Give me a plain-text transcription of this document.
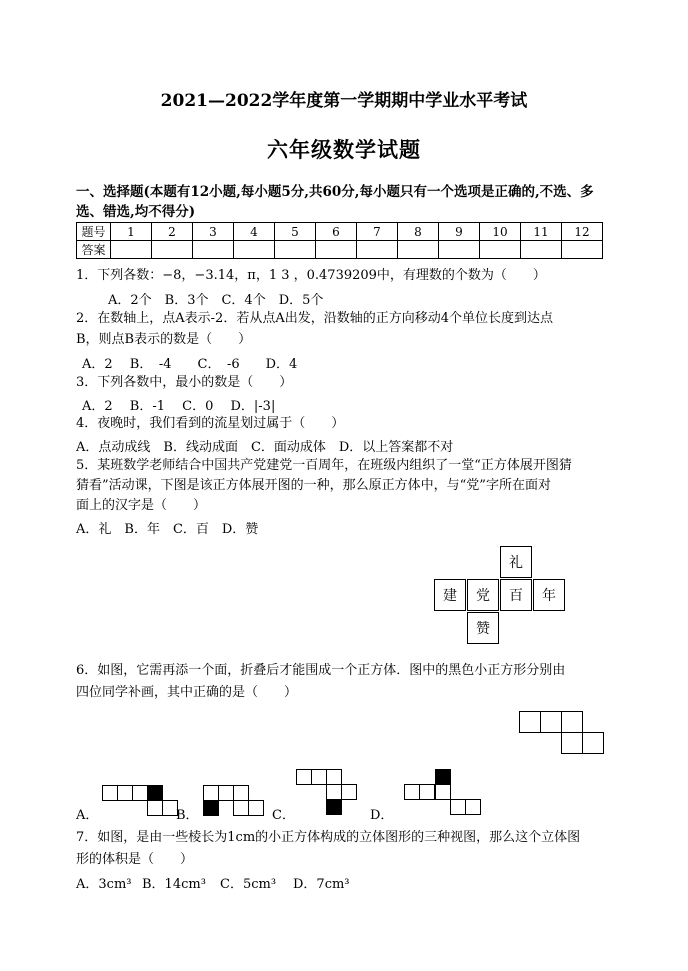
2021—2022学年度第一学期期中学业水平考试
六年级数学试题
一、选择题(本题有12小题,每小题5分,共60分,每小题只有一个选项是正确的,不选、多
选、错选,均不得分)
题号	1	2	3	4	5	6	7	8	9	10	11	12
答案												
1．下列各数：−8，−3.14，π，1 3 ，0.4739209中，有理数的个数为（　　）
A．2个　B．3个　C．4个　D．5个
2．在数轴上，点A表示-2．若从点A出发，沿数轴的正方向移动4个单位长度到达点
B，则点B表示的数是（　　）
A．2　 B．　-4　　C．　-6　　D．4
3．下列各数中，最小的数是（　　）
A．2　 B．-1　 C．0　 D．|-3|
4．夜晚时，我们看到的流星划过属于（　　）
A．点动成线　B．线动成面　C．面动成体　D．以上答案都不对
5．某班数学老师结合中国共产党建党一百周年，在班级内组织了一堂“正方体展开图猜
猜看”活动课，下图是该正方体展开图的一种，那么原正方体中，与“党”字所在面对
面上的汉字是（　　）
A．礼　B．年　C．百　D．赞
礼
建	党	百	年
赞
6．如图，它需再添一个面，折叠后才能围成一个正方体．图中的黑色小正方形分别由
四位同学补画，其中正确的是（　　）
A．	B．	C．	D．
7．如图，是由一些棱长为1cm的小正方体构成的立体图形的三种视图，那么这个立体图
形的体积是（　　）
A．3cm³ B．14cm³ C．5cm³ D．7cm³
